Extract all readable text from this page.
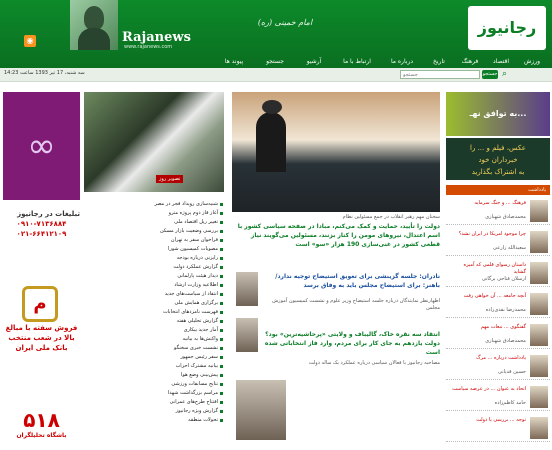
◉	Rajanews
www.rajanews.com
امام خمینی (ره)	رجانیوز
ورزش
اقتصاد
فرهنگ
تاریخ
درباره ما
ارتباط با ما
آرشیو
جستجو
پیوند ها
سه شنبه، 17 تیر 1393 ساعت 14:23
جستجو	جستجو ⌕
∞
تبلیغات در رجانیوز
۰۹۱۰-۷۱۳۶۸۸۴
۰۲۱-۶۶۴۱۲۱۰۹
م
فروش سفته با مبالغ بالا در شعب منتخب بانک ملی ایران
۵۱۸
باشگاه تحلیلگران
تصویر روز
شبیه‌سازی رویداد فجر در مصر
آغاز فاز دوم پروژه مترو
تغییر ریل اقتصاد ملی
بررسی وضعیت بازار مسکن
فراخوان سفر به تهران
مصوبات کمیسیون شورا
رایزنی درباره بودجه
گزارش عملکرد دولت
دیدار هیئت پارلمانی
اطلاعیه وزارت ارشاد
انتقاد از سیاست‌های جدید
برگزاری همایش ملی
فهرست نامزدهای انتخابات
گزارش تحلیلی هفته
آمار جدید بیکاری
واکنش‌ها به بیانیه
نشست خبری سخنگو
سفر رئیس جمهور
بیانیه مشترک احزاب
پیش‌بینی وضع هوا
نتایج مسابقات ورزشی
مراسم بزرگداشت شهدا
افتتاح طرح‌های عمرانی
گزارش ویژه رجانیوز
تحولات منطقه
سخنان مهم رهبر انقلاب در جمع مسئولین نظام
دولت را تأیید، حمایت و کمک می‌کنم، مبادا در صفحه سیاسی کشور با اسم اعتدال، نیروهای مومن را کنار بزنند، مسئولین می‌گویند نیاز قطعی کشور در غنی‌سازی 190 هزار «سو» است
نادران: جلسه گزینشی برای تعویق استیضاح توجیه ندارد/ باهنر: برای استیضاح مجلس باید به وفاق برسد
اظهارنظر نمایندگان درباره جلسه استیضاح وزیر علوم و نشست کمیسیون آموزش مجلس
انتقاد سه نقره خاک، گالیباف و ولایتی «پرحاشیه‌ترین» بود؟ دولت یازدهم به جای کار برای مردم، وارد فاز انتخاباتی شده است
مصاحبه رجانیوز با فعالان سیاسی درباره عملکرد یک ساله دولت
به توافق نهـ...
عکس، فیلم و ... را
خبرداران خود
به اشتراک بگذارید
یادداشت
فرهنگ ... و جنگ سرمایه
محمدصادق شهبازی
چرا موجود امریکا در ایران نشد؟
سعیدالله زارعی
داستان رسوای قلمی که آمیزه گشاید
ارسلان فتاحی برگانی
آنچه جامعه ... آن خواهی رفت
محمدرضا نقدی‌زاده
گفتگوی ... تبعات مهم
محمدصادق شهبازی
یادداشت درباره ... مرگ
حسین قدیانی
اتحاد به عنوان ... در عرصه سیاست
حامد کاظم‌زاده
توجه ... بررسی یا دولت
